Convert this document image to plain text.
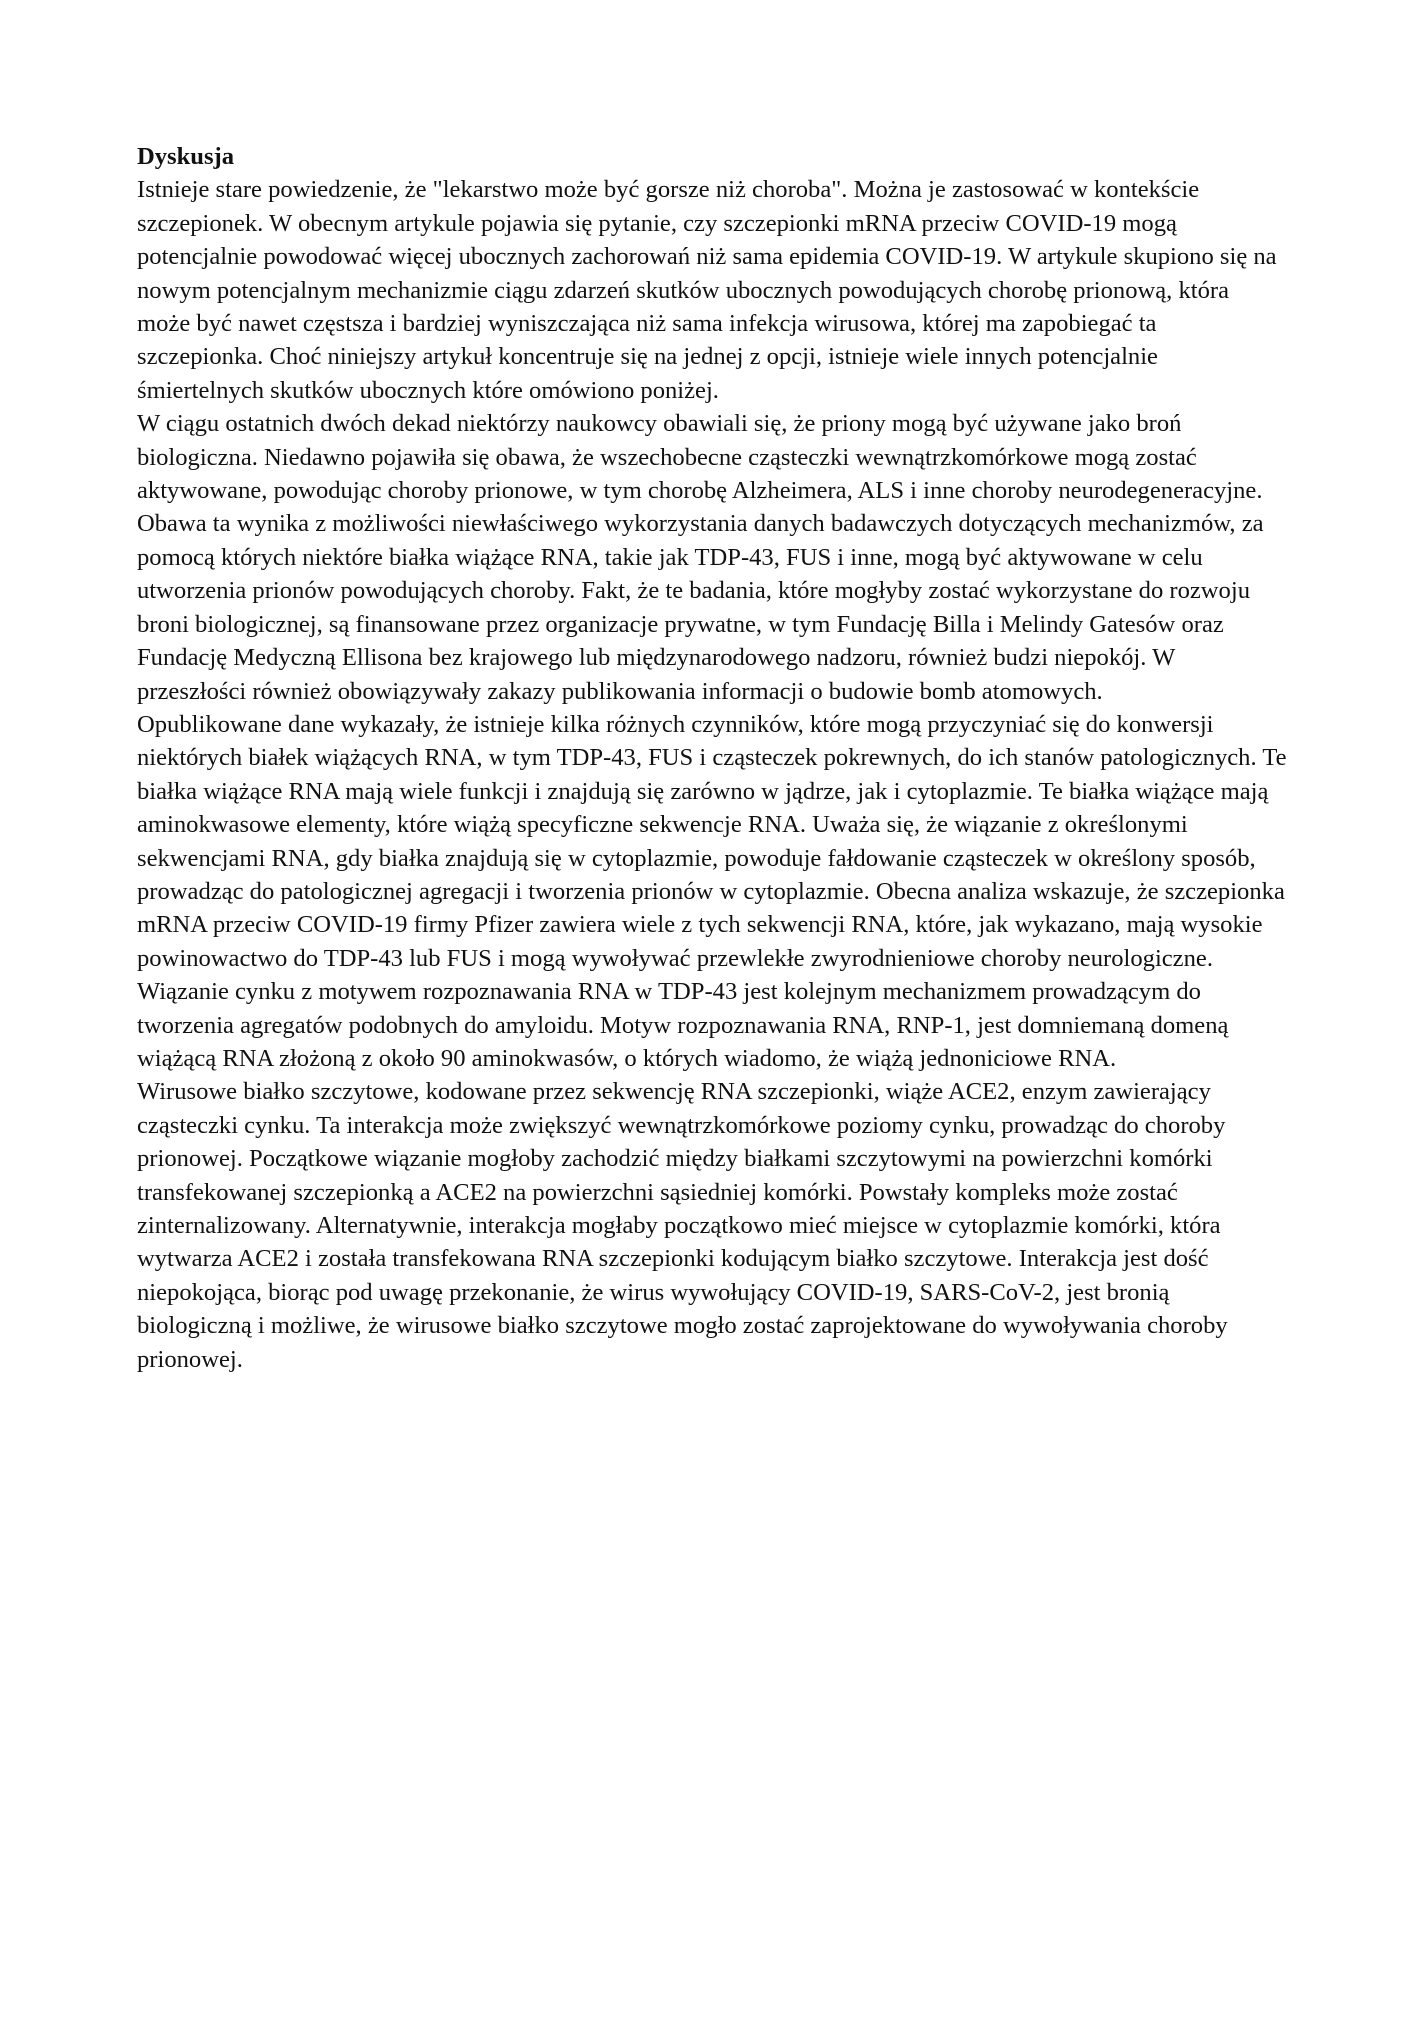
Dyskusja

Istnieje stare powiedzenie, że "lekarstwo może być gorsze niż choroba". Można je zastosować w kontekście szczepionek. W obecnym artykule pojawia się pytanie, czy szczepionki mRNA przeciw COVID-19 mogą potencjalnie powodować więcej ubocznych zachorowań niż sama epidemia COVID-19. W artykule skupiono się na nowym potencjalnym mechanizmie ciągu zdarzeń skutków ubocznych powodujących chorobę prionową, która może być nawet częstsza i bardziej wyniszczająca niż sama infekcja wirusowa, której ma zapobiegać ta szczepionka. Choć niniejszy artykuł koncentruje się na jednej z opcji, istnieje wiele innych potencjalnie śmiertelnych skutków ubocznych które omówiono poniżej.

W ciągu ostatnich dwóch dekad niektórzy naukowcy obawiali się, że priony mogą być używane jako broń biologiczna. Niedawno pojawiła się obawa, że wszechobecne cząsteczki wewnątrzkomórkowe mogą zostać aktywowane, powodując choroby prionowe, w tym chorobę Alzheimera, ALS i inne choroby neurodegeneracyjne. Obawa ta wynika z możliwości niewłaściwego wykorzystania danych badawczych dotyczących mechanizmów, za pomocą których niektóre białka wiążące RNA, takie jak TDP-43, FUS i inne, mogą być aktywowane w celu utworzenia prionów powodujących choroby. Fakt, że te badania, które mogłyby zostać wykorzystane do rozwoju broni biologicznej, są finansowane przez organizacje prywatne, w tym Fundację Billa i Melindy Gatesów oraz Fundację Medyczną Ellisona bez krajowego lub międzynarodowego nadzoru, również budzi niepokój. W przeszłości również obowiązywały zakazy publikowania informacji o budowie bomb atomowych.

Opublikowane dane wykazały, że istnieje kilka różnych czynników, które mogą przyczyniać się do konwersji niektórych białek wiążących RNA, w tym TDP-43, FUS i cząsteczek pokrewnych, do ich stanów patologicznych. Te białka wiążące RNA mają wiele funkcji i znajdują się zarówno w jądrze, jak i cytoplazmie. Te białka wiążące mają aminokwasowe elementy, które wiążą specyficzne sekwencje RNA. Uważa się, że wiązanie z określonymi sekwencjami RNA, gdy białka znajdują się w cytoplazmie, powoduje fałdowanie cząsteczek w określony sposób, prowadząc do patologicznej agregacji i tworzenia prionów w cytoplazmie. Obecna analiza wskazuje, że szczepionka mRNA przeciw COVID-19 firmy Pfizer zawiera wiele z tych sekwencji RNA, które, jak wykazano, mają wysokie powinowactwo do TDP-43 lub FUS i mogą wywoływać przewlekłe zwyrodnieniowe choroby neurologiczne.

Wiązanie cynku z motywem rozpoznawania RNA w TDP-43 jest kolejnym mechanizmem prowadzącym do tworzenia agregatów podobnych do amyloidu. Motyw rozpoznawania RNA, RNP-1, jest domniemaną domeną wiążącą RNA złożoną z około 90 aminokwasów, o których wiadomo, że wiążą jednoniciowe RNA.

Wirusowe białko szczytowe, kodowane przez sekwencję RNA szczepionki, wiąże ACE2, enzym zawierający cząsteczki cynku. Ta interakcja może zwiększyć wewnątrzkomórkowe poziomy cynku, prowadząc do choroby prionowej. Początkowe wiązanie mogłoby zachodzić między białkami szczytowymi na powierzchni komórki transfekowanej szczepionką a ACE2 na powierzchni sąsiedniej komórki. Powstały kompleks może zostać zinternalizowany. Alternatywnie, interakcja mogłaby początkowo mieć miejsce w cytoplazmie komórki, która wytwarza ACE2 i została transfekowana RNA szczepionki kodującym białko szczytowe. Interakcja jest dość niepokojąca, biorąc pod uwagę przekonanie, że wirus wywołujący COVID-19, SARS-CoV-2, jest bronią biologiczną i możliwe, że wirusowe białko szczytowe mogło zostać zaprojektowane do wywoływania choroby prionowej.
